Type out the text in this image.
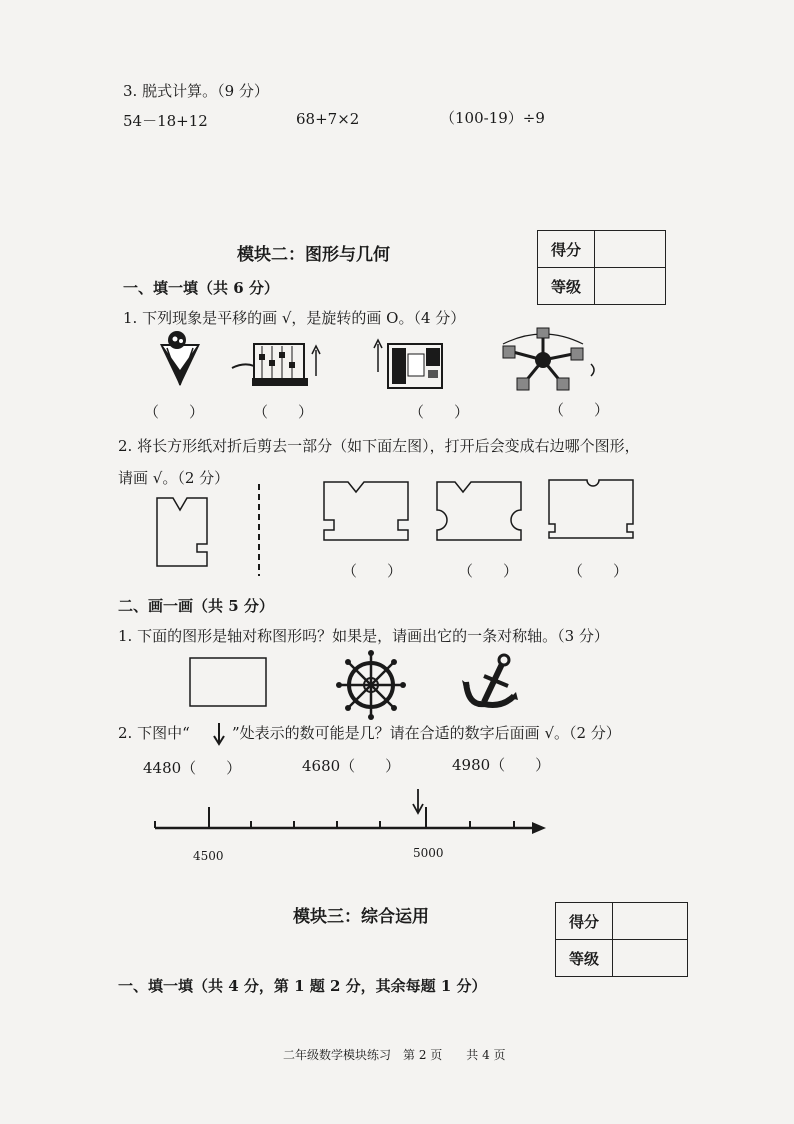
3. 脱式计算。（9 分）
54－18+12	68+7×2	（100-19）÷9
模块二：图形与几何	得分	
等级	
一、填一填（共 6 分）
1. 下列现象是平移的画 √，是旋转的画 O。（4 分）
（　　）	（　　）	（　　）	（　　）
2. 将长方形纸对折后剪去一部分（如下面左图），打开后会变成右边哪个图形，
请画 √。（2 分）
（　　）	（　　）	（　　）
二、画一画（共 5 分）
1. 下面的图形是轴对称图形吗？如果是，请画出它的一条对称轴。（3 分）
2. 下图中“	”处表示的数可能是几？请在合适的数字后面画 √。（2 分）
4480（　　）	4680（　　）	4980（　　）
4500	5000
模块三：综合运用	得分	
等级	
一、填一填（共 4 分，第 1 题 2 分，其余每题 1 分）
二年级数学模块练习　第 2 页　　共 4 页
